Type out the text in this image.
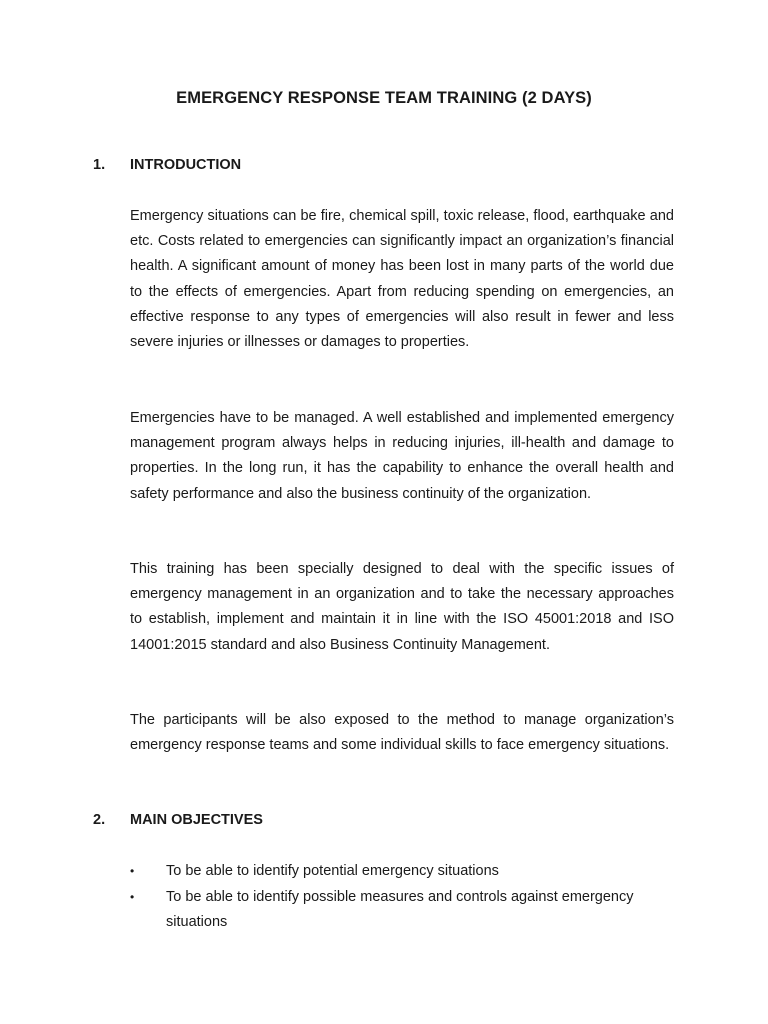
EMERGENCY RESPONSE TEAM TRAINING (2 DAYS)
1.	INTRODUCTION

Emergency situations can be fire, chemical spill, toxic release, flood, earthquake and etc. Costs related to emergencies can significantly impact an organization’s financial health. A significant amount of money has been lost in many parts of the world due to the effects of emergencies. Apart from reducing spending on emergencies, an effective response to any types of emergencies will also result in fewer and less severe injuries or illnesses or damages to properties.

Emergencies have to be managed. A well established and implemented emergency management program always helps in reducing injuries, ill-health and damage to properties. In the long run, it has the capability to enhance the overall health and safety performance and also the business continuity of the organization.

This training has been specially designed to deal with the specific issues of emergency management in an organization and to take the necessary approaches to establish, implement and maintain it in line with the ISO 45001:2018 and ISO 14001:2015 standard and also Business Continuity Management.

The participants will be also exposed to the method to manage organization’s emergency response teams and some individual skills to face emergency situations.

2.	MAIN OBJECTIVES
• To be able to identify potential emergency situations
• To be able to identify possible measures and controls against emergency situations
